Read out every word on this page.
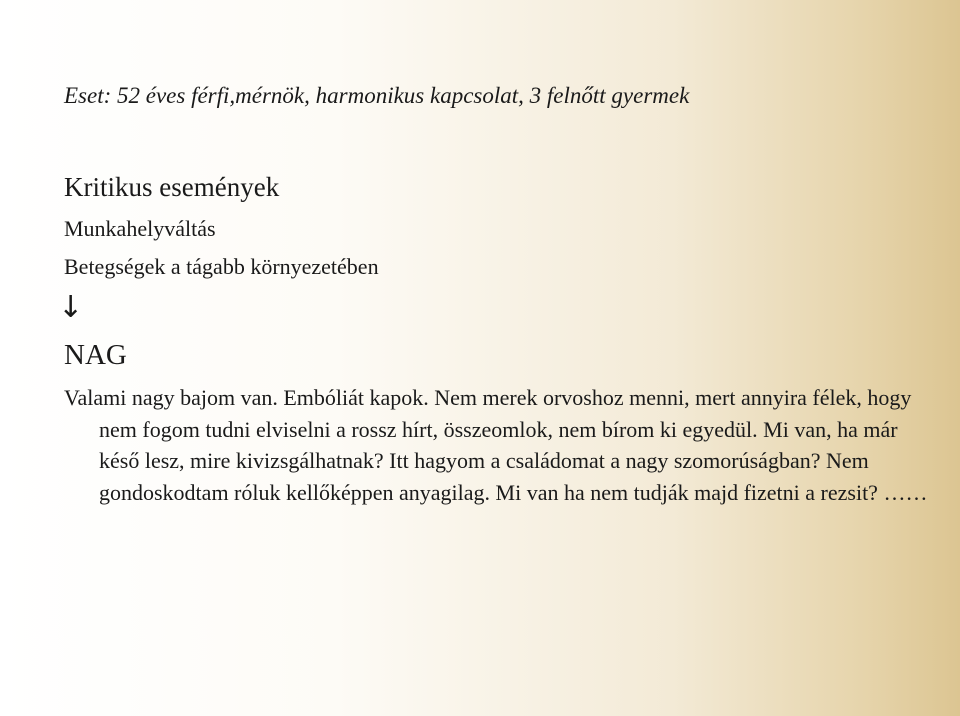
Eset: 52 éves férfi,mérnök, harmonikus kapcsolat, 3 felnőtt gyermek
Kritikus események
Munkahelyváltás
Betegségek a tágabb környezetében
↓
NAG
Valami nagy bajom van. Embóliát kapok. Nem merek orvoshoz menni, mert annyira félek, hogy nem fogom tudni elviselni a rossz hírt, összeomlok, nem bírom ki egyedül. Mi van, ha már késő lesz, mire kivizsgálhatnak? Itt hagyom a családomat a nagy szomorúságban? Nem gondoskodtam róluk kellőképpen anyagilag. Mi van ha nem tudják majd fizetni a rezsit? ……
